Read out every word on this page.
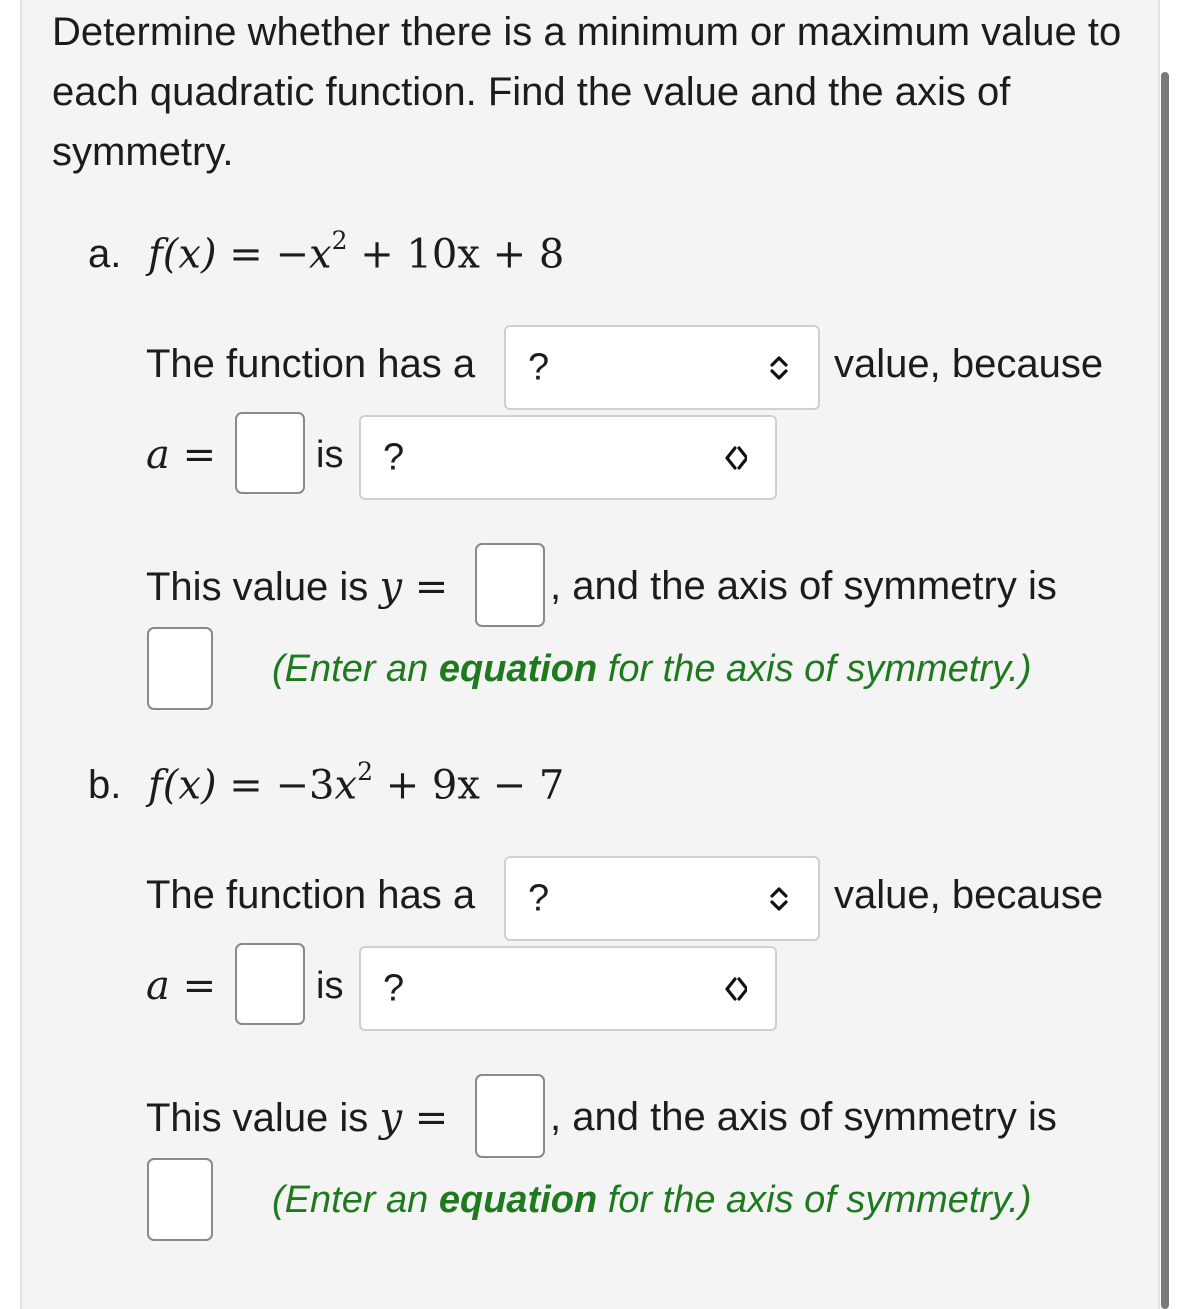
Determine whether there is a minimum or maximum value to each quadratic function. Find the value and the axis of symmetry.
a. $f(x) = -x^2 + 10x + 8$
The function has a ?	value, because
a =	is ?
This value is y =	, and the axis of symmetry is
(Enter an equation for the axis of symmetry.)
b. $f(x) = -3x^2 + 9x - 7$
The function has a ?	value, because
a =	is ?
This value is y =	, and the axis of symmetry is
(Enter an equation for the axis of symmetry.)
